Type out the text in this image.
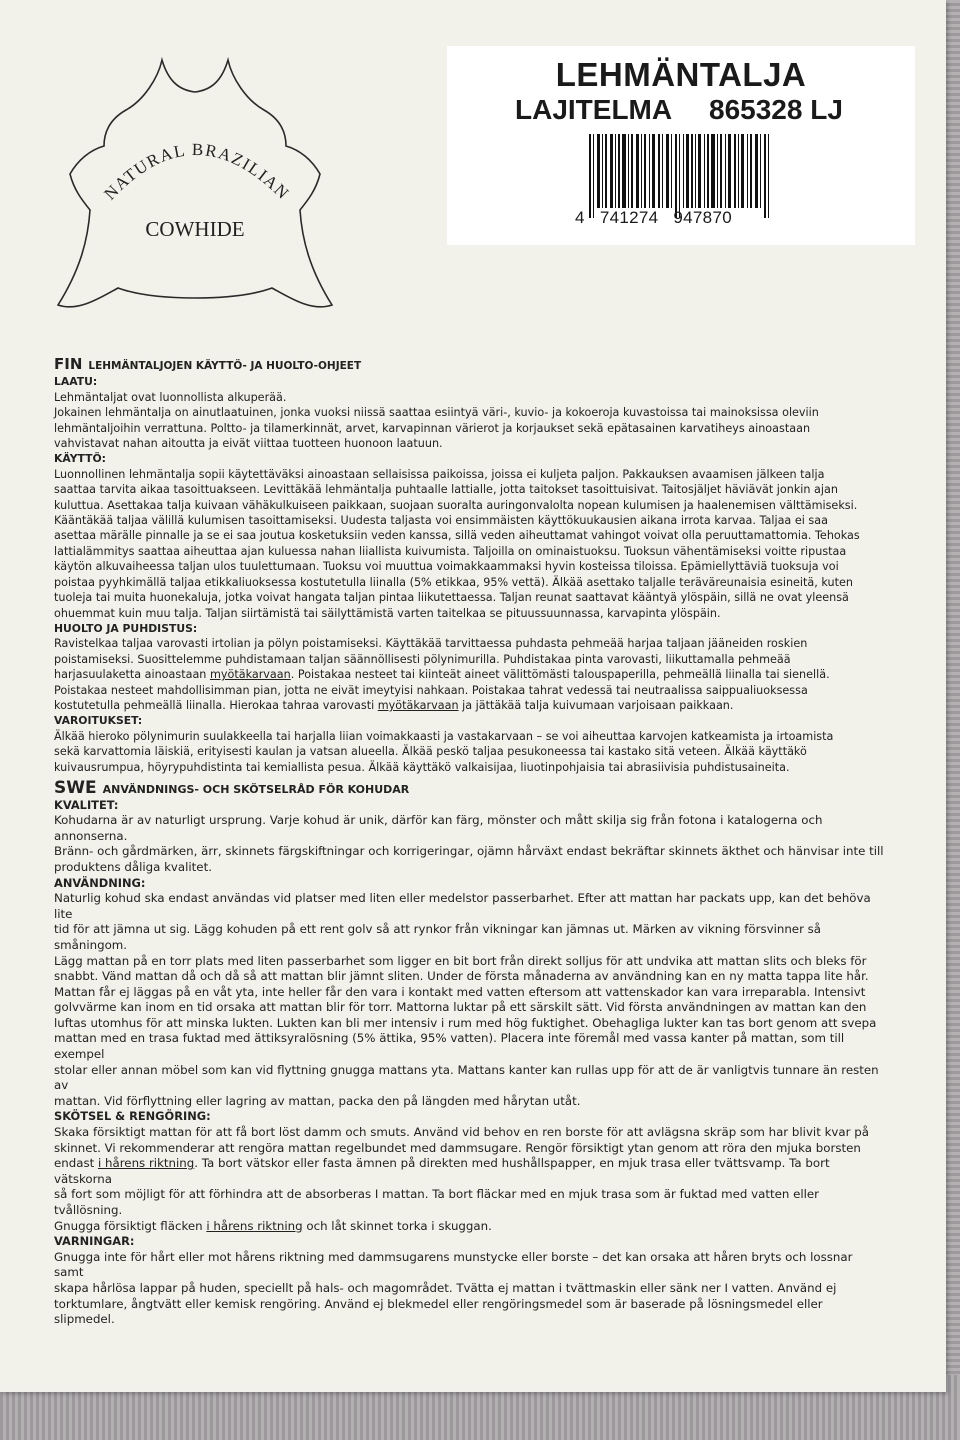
NATURAL BRAZILIAN
COWHIDE
LEHMÄNTALJA
LAJITELMA 865328 LJ
4   741274   947870
FIN LEHMÄNTALJOJEN KÄYTTÖ- JA HUOLTO-OHJEET

LAATU:

Lehmäntaljat ovat luonnollista alkuperää.

Jokainen lehmäntalja on ainutlaatuinen, jonka vuoksi niissä saattaa esiintyä väri-, kuvio- ja kokoeroja kuvastoissa tai mainoksissa oleviin

lehmäntaljoihin verrattuna. Poltto- ja tilamerkinnät, arvet, karvapinnan värierot ja korjaukset sekä epätasainen karvatiheys ainoastaan

vahvistavat nahan aitoutta ja eivät viittaa tuotteen huonoon laatuun.

KÄYTTÖ:

Luonnollinen lehmäntalja sopii käytettäväksi ainoastaan sellaisissa paikoissa, joissa ei kuljeta paljon. Pakkauksen avaamisen jälkeen talja

saattaa tarvita aikaa tasoittuakseen. Levittäkää lehmäntalja puhtaalle lattialle, jotta taitokset tasoittuisivat. Taitosjäljet häviävät jonkin ajan

kuluttua. Asettakaa talja kuivaan vähäkulkuiseen paikkaan, suojaan suoralta auringonvalolta nopean kulumisen ja haalenemisen välttämiseksi.

Kääntäkää taljaa välillä kulumisen tasoittamiseksi. Uudesta taljasta voi ensimmäisten käyttökuukausien aikana irrota karvaa. Taljaa ei saa

asettaa märälle pinnalle ja se ei saa joutua kosketuksiin veden kanssa, sillä veden aiheuttamat vahingot voivat olla peruuttamattomia. Tehokas

lattialämmitys saattaa aiheuttaa ajan kuluessa nahan liiallista kuivumista. Taljoilla on ominaistuoksu. Tuoksun vähentämiseksi voitte ripustaa

käytön alkuvaiheessa taljan ulos tuulettumaan. Tuoksu voi muuttua voimakkaammaksi hyvin kosteissa tiloissa. Epämiellyttäviä tuoksuja voi

poistaa pyyhkimällä taljaa etikkaliuoksessa kostutetulla liinalla (5% etikkaa, 95% vettä). Älkää asettako taljalle teräväreunaisia esineitä, kuten

tuoleja tai muita huonekaluja, jotka voivat hangata taljan pintaa liikutettaessa. Taljan reunat saattavat kääntyä ylöspäin, sillä ne ovat yleensä

ohuemmat kuin muu talja. Taljan siirtämistä tai säilyttämistä varten taitelkaa se pituussuunnassa, karvapinta ylöspäin.

HUOLTO JA PUHDISTUS:

Ravistelkaa taljaa varovasti irtolian ja pölyn poistamiseksi. Käyttäkää tarvittaessa puhdasta pehmeää harjaa taljaan jääneiden roskien

poistamiseksi. Suosittelemme puhdistamaan taljan säännöllisesti pölynimurilla. Puhdistakaa pinta varovasti, liikuttamalla pehmeää

harjasuulaketta ainoastaan myötäkarvaan. Poistakaa nesteet tai kiinteät aineet välittömästi talouspaperilla, pehmeällä liinalla tai sienellä.

Poistakaa nesteet mahdollisimman pian, jotta ne eivät imeytyisi nahkaan. Poistakaa tahrat vedessä tai neutraalissa saippualiuoksessa

kostutetulla pehmeällä liinalla. Hierokaa tahraa varovasti myötäkarvaan ja jättäkää talja kuivumaan varjoisaan paikkaan.

VAROITUKSET:

Älkää hieroko pölynimurin suulakkeella tai harjalla liian voimakkaasti ja vastakarvaan – se voi aiheuttaa karvojen katkeamista ja irtoamista

sekä karvattomia läiskiä, erityisesti kaulan ja vatsan alueella. Älkää peskö taljaa pesukoneessa tai kastako sitä veteen. Älkää käyttäkö

kuivausrumpua, höyrypuhdistinta tai kemiallista pesua. Älkää käyttäkö valkaisijaa, liuotinpohjaisia tai abrasiivisia puhdistusaineita.

SWE ANVÄNDNINGS- OCH SKÖTSELRÅD FÖR KOHUDAR

KVALITET:

Kohudarna är av naturligt ursprung. Varje kohud är unik, därför kan färg, mönster och mått skilja sig från fotona i katalogerna och annonserna.

Bränn- och gårdmärken, ärr, skinnets färgskiftningar och korrigeringar, ojämn hårväxt endast bekräftar skinnets äkthet och hänvisar inte till

produktens dåliga kvalitet.

ANVÄNDNING:

Naturlig kohud ska endast användas vid platser med liten eller medelstor passerbarhet. Efter att mattan har packats upp, kan det behöva lite

tid för att jämna ut sig. Lägg kohuden på ett rent golv så att rynkor från vikningar kan jämnas ut. Märken av vikning försvinner så småningom.

Lägg mattan på en torr plats med liten passerbarhet som ligger en bit bort från direkt solljus för att undvika att mattan slits och bleks för

snabbt. Vänd mattan då och då så att mattan blir jämnt sliten. Under de första månaderna av användning kan en ny matta tappa lite hår.

Mattan får ej läggas på en våt yta, inte heller får den vara i kontakt med vatten eftersom att vattenskador kan vara irreparabla. Intensivt

golvvärme kan inom en tid orsaka att mattan blir för torr. Mattorna luktar på ett särskilt sätt. Vid första användningen av mattan kan den

luftas utomhus för att minska lukten. Lukten kan bli mer intensiv i rum med hög fuktighet. Obehagliga lukter kan tas bort genom att svepa

mattan med en trasa fuktad med ättiksyralösning (5% ättika, 95% vatten). Placera inte föremål med vassa kanter på mattan, som till exempel

stolar eller annan möbel som kan vid flyttning gnugga mattans yta. Mattans kanter kan rullas upp för att de är vanligtvis tunnare än resten av

mattan. Vid förflyttning eller lagring av mattan, packa den på längden med hårytan utåt.

SKÖTSEL & RENGÖRING:

Skaka försiktigt mattan för att få bort löst damm och smuts. Använd vid behov en ren borste för att avlägsna skräp som har blivit kvar på

skinnet. Vi rekommenderar att rengöra mattan regelbundet med dammsugare. Rengör försiktigt ytan genom att röra den mjuka borsten

endast i hårens riktning. Ta bort vätskor eller fasta ämnen på direkten med hushållspapper, en mjuk trasa eller tvättsvamp. Ta bort vätskorna

så fort som möjligt för att förhindra att de absorberas I mattan. Ta bort fläckar med en mjuk trasa som är fuktad med vatten eller tvållösning.

Gnugga försiktigt fläcken i hårens riktning och låt skinnet torka i skuggan.

VARNINGAR:

Gnugga inte för hårt eller mot hårens riktning med dammsugarens munstycke eller borste – det kan orsaka att håren bryts och lossnar samt

skapa hårlösa lappar på huden, speciellt på hals- och magområdet. Tvätta ej mattan i tvättmaskin eller sänk ner I vatten. Använd ej

torktumlare, ångtvätt eller kemisk rengöring. Använd ej blekmedel eller rengöringsmedel som är baserade på lösningsmedel eller slipmedel.
